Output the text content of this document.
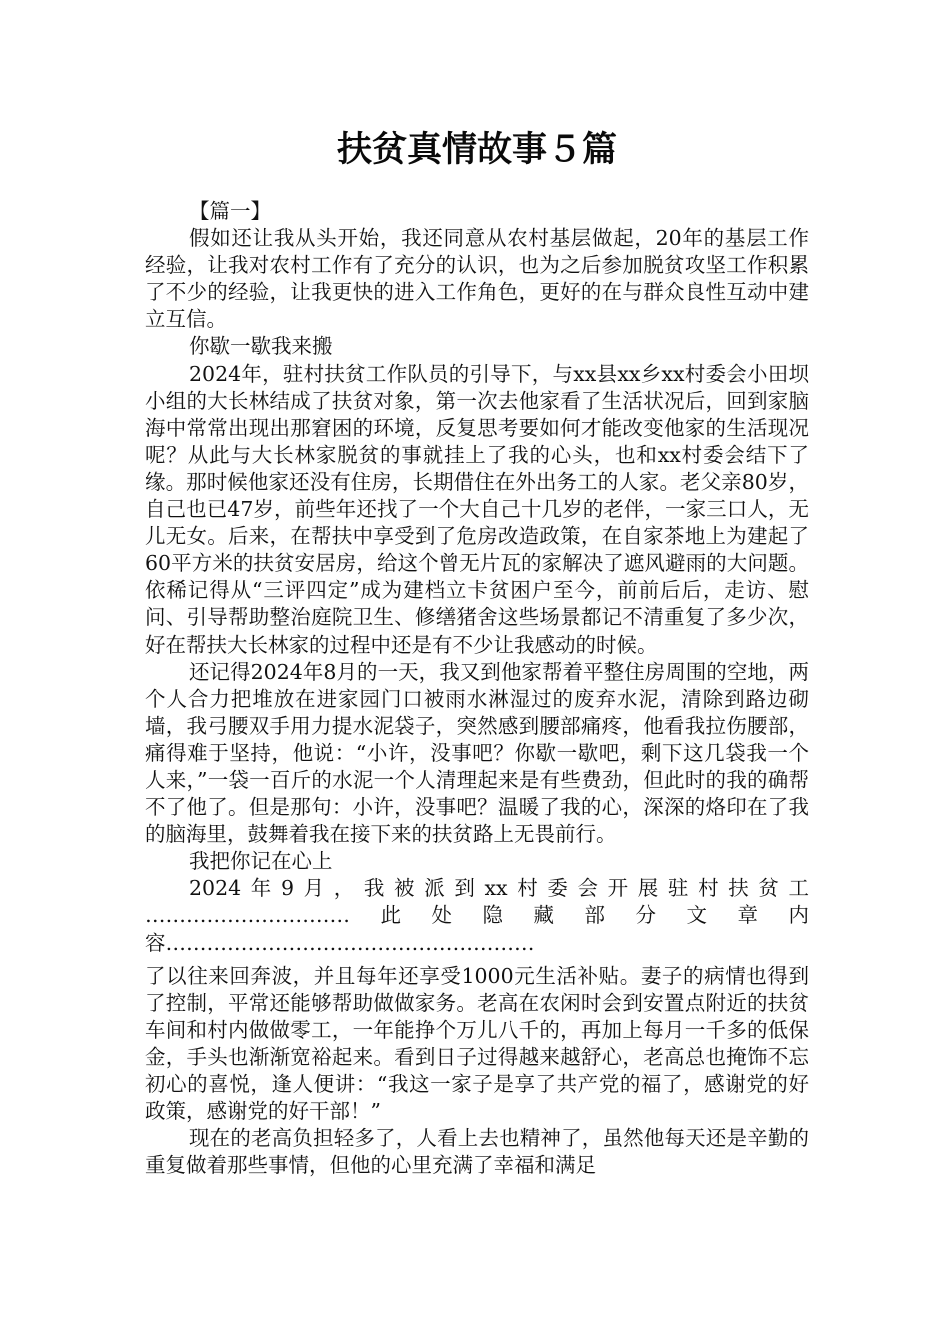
扶贫真情故事５篇

【篇一】

假如还让我从头开始，我还同意从农村基层做起，20年的基层工作经验，让我对农村工作有了充分的认识，也为之后参加脱贫攻坚工作积累了不少的经验，让我更快的进入工作角色，更好的在与群众良性互动中建立互信。

你歇一歇我来搬

2024年，驻村扶贫工作队员的引导下，与xx县xx乡xx村委会小田坝小组的大长林结成了扶贫对象，第一次去他家看了生活状况后，回到家脑海中常常出现出那窘困的环境，反复思考要如何才能改变他家的生活现况呢？从此与大长林家脱贫的事就挂上了我的心头，也和xx村委会结下了缘。那时候他家还没有住房，长期借住在外出务工的人家。老父亲80岁，自己也已47岁，前些年还找了一个大自己十几岁的老伴，一家三口人，无儿无女。后来，在帮扶中享受到了危房改造政策，在自家茶地上为建起了60平方米的扶贫安居房，给这个曾无片瓦的家解决了遮风避雨的大问题。依稀记得从“三评四定”成为建档立卡贫困户至今，前前后后，走访、慰问、引导帮助整治庭院卫生、修缮猪舍这些场景都记不清重复了多少次，好在帮扶大长林家的过程中还是有不少让我感动的时候。

还记得2024年8月的一天，我又到他家帮着平整住房周围的空地，两个人合力把堆放在进家园门口被雨水淋湿过的废弃水泥，清除到路边砌墙，我弓腰双手用力提水泥袋子，突然感到腰部痛疼，他看我拉伤腰部，痛得难于坚持，他说：“小许，没事吧？你歇一歇吧，剩下这几袋我一个人来，”一袋一百斤的水泥一个人清理起来是有些费劲，但此时的我的确帮不了他了。但是那句：小许，没事吧？温暖了我的心，深深的烙印在了我的脑海里，鼓舞着我在接下来的扶贫路上无畏前行。

我把你记在心上

2024年9月，我被派到xx村委会开展驻村扶贫工　　…………………………此处隐藏部分文章内容………………………………………………

了以往来回奔波，并且每年还享受1000元生活补贴。妻子的病情也得到了控制，平常还能够帮助做做家务。老高在农闲时会到安置点附近的扶贫车间和村内做做零工，一年能挣个万儿八千的，再加上每月一千多的低保金，手头也渐渐宽裕起来。看到日子过得越来越舒心，老高总也掩饰不忘初心的喜悦，逢人便讲：“我这一家子是享了共产党的福了，感谢党的好政策，感谢党的好干部！”

现在的老高负担轻多了，人看上去也精神了，虽然他每天还是辛勤的重复做着那些事情，但他的心里充满了幸福和满足
